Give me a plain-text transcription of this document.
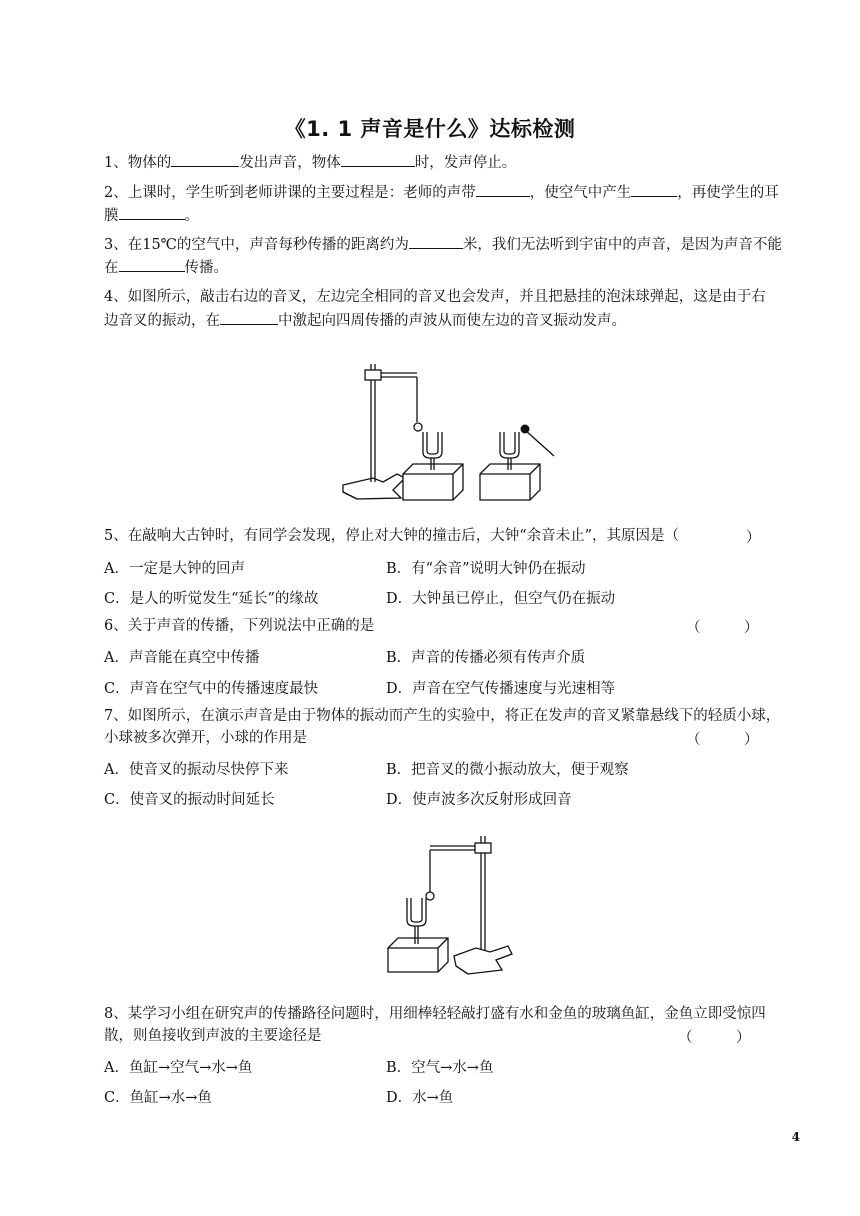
《1. 1 声音是什么》达标检测
1、物体的	发出声音，物体	时，发声停止。
2、上课时，学生听到老师讲课的主要过程是：老师的声带	，使空气中产生	，再使学生的耳
膜	。
3、在15℃的空气中，声音每秒传播的距离约为	米，我们无法听到宇宙中的声音，是因为声音不能
在	传播。
4、如图所示，敲击右边的音叉，左边完全相同的音叉也会发声，并且把悬挂的泡沫球弹起，这是由于右
边音叉的振动，在	中激起向四周传播的声波从而使左边的音叉振动发声。
5、在敲响大古钟时，有同学会发现，停止对大钟的撞击后，大钟“余音未止”，其原因是（	）
A．一定是大钟的回声	B．有“余音”说明大钟仍在振动
C．是人的听觉发生“延长”的缘故	D．大钟虽已停止，但空气仍在振动
6、关于声音的传播，下列说法中正确的是	（　　　）
A．声音能在真空中传播	B．声音的传播必须有传声介质
C．声音在空气中的传播速度最快	D．声音在空气传播速度与光速相等
7、如图所示，在演示声音是由于物体的振动而产生的实验中，将正在发声的音叉紧靠悬线下的轻质小球，
小球被多次弹开，小球的作用是	（　　　）
A．使音叉的振动尽快停下来	B．把音叉的微小振动放大，便于观察
C．使音叉的振动时间延长	D．使声波多次反射形成回音
8、某学习小组在研究声的传播路径问题时，用细棒轻轻敲打盛有水和金鱼的玻璃鱼缸，金鱼立即受惊四
散，则鱼接收到声波的主要途径是	（　　　）
A．鱼缸→空气→水→鱼	B．空气→水→鱼
C．鱼缸→水→鱼	D．水→鱼
4
